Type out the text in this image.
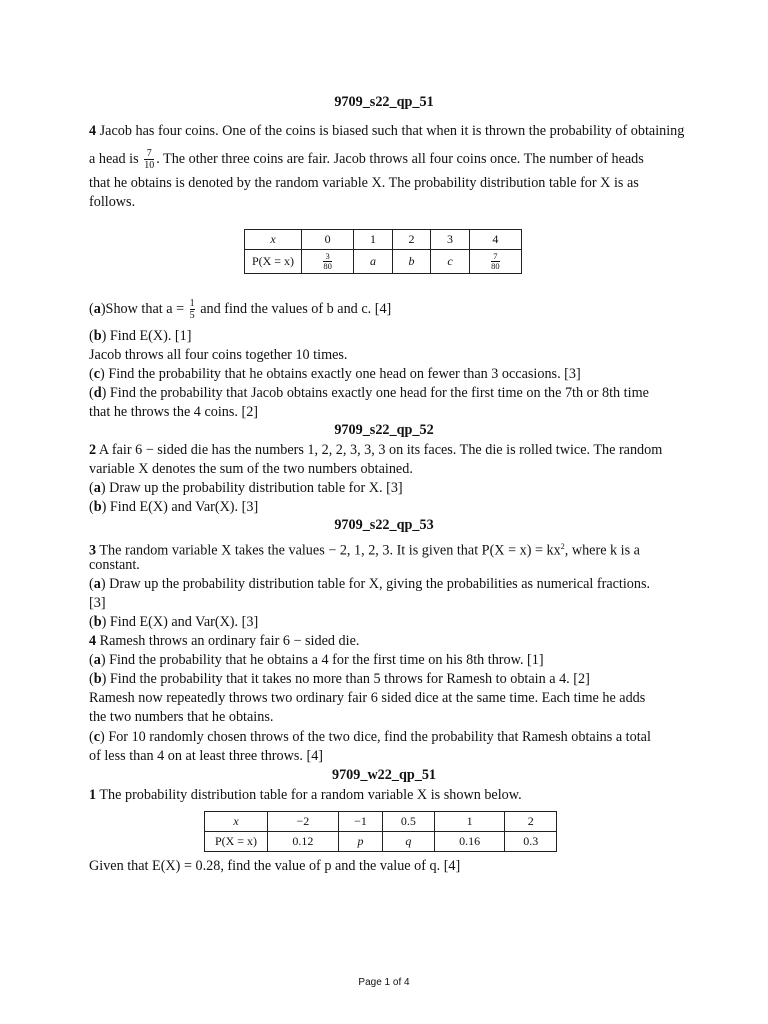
9709_s22_qp_51
4 Jacob has four coins. One of the coins is biased such that when it is thrown the probability of obtaining
a head is $\frac{7}{10}$ . The other three coins are fair. Jacob throws all four coins once. The number of heads
that he obtains is denoted by the random variable X. The probability distribution table for X is as
follows.
x	0	1	2	3	4
P(X = x)	$\frac{3}{80}$	a	b	c	$\frac{7}{80}$
(a)Show that $a = \frac{1}{5}$ and find the values of b and c. [4]
(b) Find E(X). [1]
Jacob throws all four coins together 10 times.
(c) Find the probability that he obtains exactly one head on fewer than 3 occasions. [3]
(d) Find the probability that Jacob obtains exactly one head for the first time on the 7th or 8th time
that he throws the 4 coins. [2]
9709_s22_qp_52
2 A fair 6 − sided die has the numbers 1, 2, 2, 3, 3, 3 on its faces. The die is rolled twice. The random
variable X denotes the sum of the two numbers obtained.
(a) Draw up the probability distribution table for X. [3]
(b) Find E(X) and Var(X). [3]
9709_s22_qp_53
3 The random variable X takes the values − 2, 1, 2, 3. It is given that $P(X = x) = kx^2$, where k is a
constant.
(a) Draw up the probability distribution table for X, giving the probabilities as numerical fractions.
[3]
(b) Find E(X) and Var(X). [3]
4 Ramesh throws an ordinary fair 6 − sided die.
(a) Find the probability that he obtains a 4 for the first time on his 8th throw. [1]
(b) Find the probability that it takes no more than 5 throws for Ramesh to obtain a 4. [2]
Ramesh now repeatedly throws two ordinary fair 6 sided dice at the same time. Each time he adds
the two numbers that he obtains.
(c) For 10 randomly chosen throws of the two dice, find the probability that Ramesh obtains a total
of less than 4 on at least three throws. [4]
9709_w22_qp_51
1 The probability distribution table for a random variable X is shown below.
x	−2	−1	0.5	1	2
P(X = x)	0.12	p	q	0.16	0.3
Given that E(X) = 0.28, find the value of p and the value of q. [4]
Page 1 of 4
